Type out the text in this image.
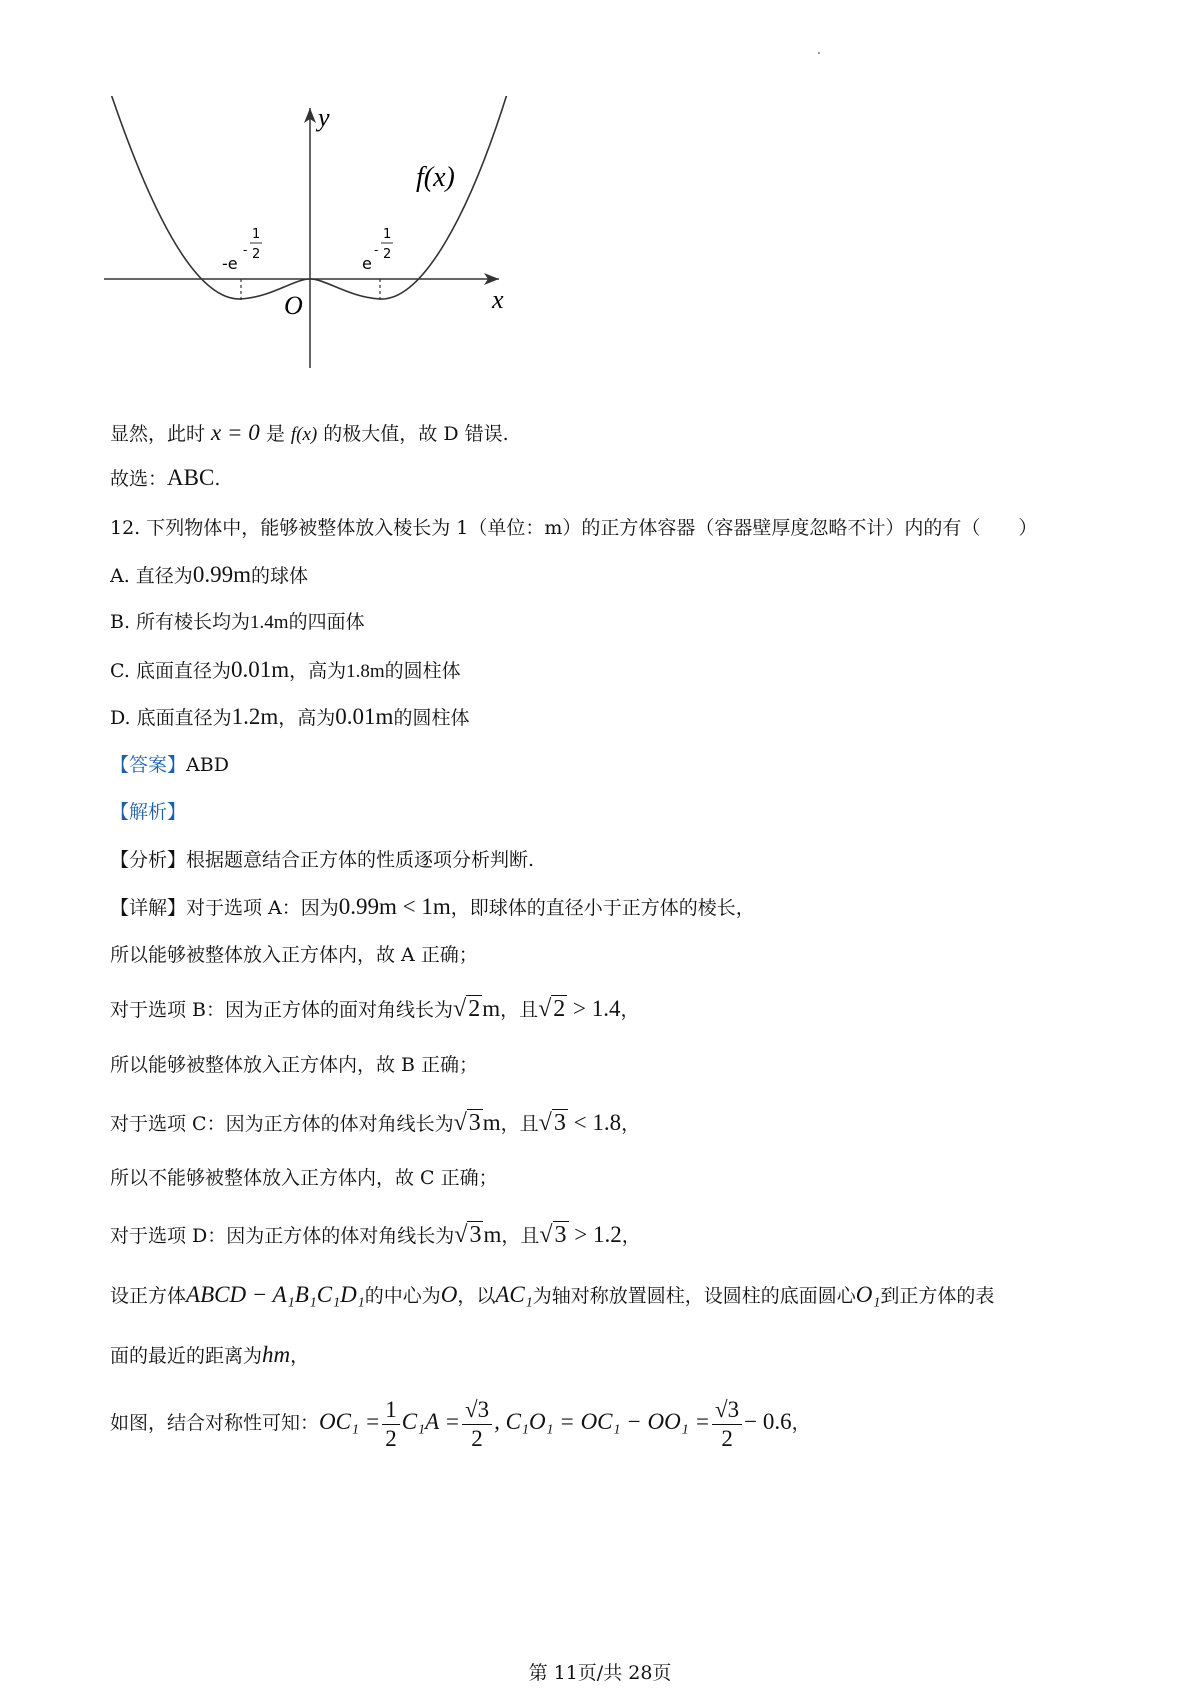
y
x
O
f(x)
-e
-
1
2	e
-
1
2
显然，此时 x = 0 是 f(x) 的极大值，故 D 错误.
故选：ABC.
12. 下列物体中，能够被整体放入棱长为 1（单位：m）的正方体容器（容器壁厚度忽略不计）内的有（　　）
A. 直径为0.99m的球体
B. 所有棱长均为1.4m的四面体
C. 底面直径为0.01m，高为1.8m的圆柱体
D. 底面直径为1.2m，高为0.01m的圆柱体
【答案】ABD
【解析】
【分析】根据题意结合正方体的性质逐项分析判断.
【详解】对于选项 A：因为0.99m < 1m，即球体的直径小于正方体的棱长，
所以能够被整体放入正方体内，故 A 正确；
对于选项 B：因为正方体的面对角线长为√2m，且√2 > 1.4，
所以能够被整体放入正方体内，故 B 正确；
对于选项 C：因为正方体的体对角线长为√3m，且√3 < 1.8，
所以不能够被整体放入正方体内，故 C 正确；
对于选项 D：因为正方体的体对角线长为√3m，且√3 > 1.2，
设正方体ABCD − A₁B₁C₁D₁的中心为O，以AC₁为轴对称放置圆柱，设圆柱的底面圆心O₁到正方体的表
面的最近的距离为hm，
如图，结合对称性可知：$OC_1 = \frac{1}{2} C_1A = \frac{√3}{2}$ , $C_1O_1 = OC_1 - OO_1 = \frac{√3}{2} - 0.6$，
第 11页/共 28页
